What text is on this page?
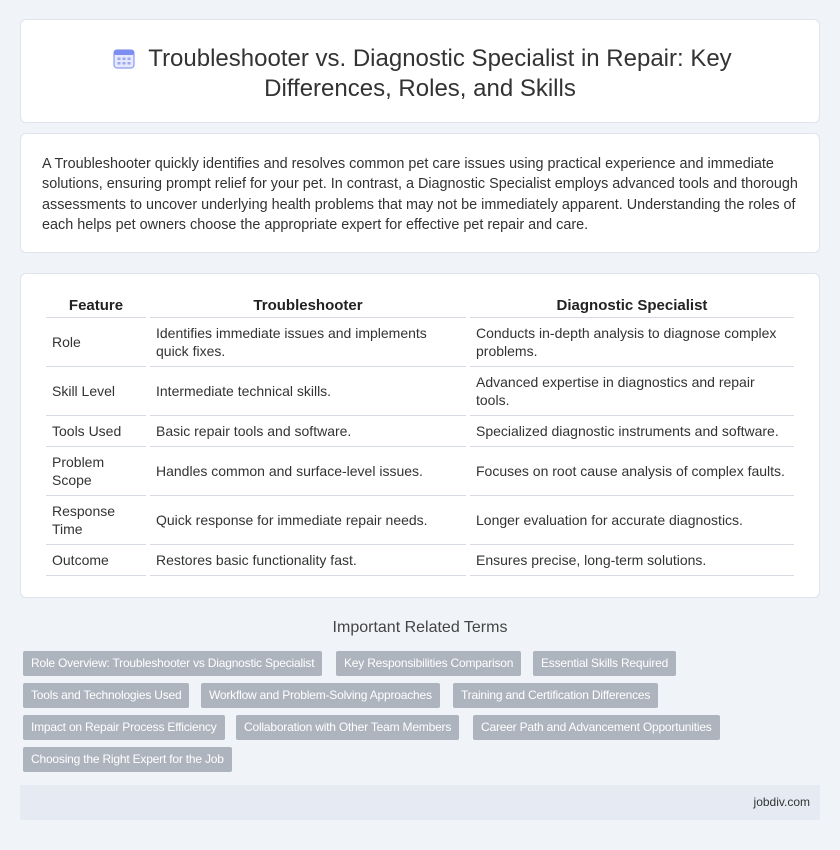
Troubleshooter vs. Diagnostic Specialist in Repair: Key
Differences, Roles, and Skills

A Troubleshooter quickly identifies and resolves common pet care issues using practical experience and immediate solutions, ensuring prompt relief for your pet. In contrast, a Diagnostic Specialist employs advanced tools and thorough assessments to uncover underlying health problems that may not be immediately apparent. Understanding the roles of each helps pet owners choose the appropriate expert for effective pet repair and care.

Feature	Troubleshooter	Diagnostic Specialist
Role	Identifies immediate issues and implements quick fixes.	Conducts in-depth analysis to diagnose complex problems.
Skill Level	Intermediate technical skills.	Advanced expertise in diagnostics and repair tools.
Tools Used	Basic repair tools and software.	Specialized diagnostic instruments and software.
Problem Scope	Handles common and surface-level issues.	Focuses on root cause analysis of complex faults.
Response Time	Quick response for immediate repair needs.	Longer evaluation for accurate diagnostics.
Outcome	Restores basic functionality fast.	Ensures precise, long-term solutions.
Important Related Terms
Role Overview: Troubleshooter vs Diagnostic Specialist	Key Responsibilities Comparison	Essential Skills Required
Tools and Technologies Used	Workflow and Problem-Solving Approaches	Training and Certification Differences
Impact on Repair Process Efficiency	Collaboration with Other Team Members	Career Path and Advancement Opportunities
Choosing the Right Expert for the Job
jobdiv.com
